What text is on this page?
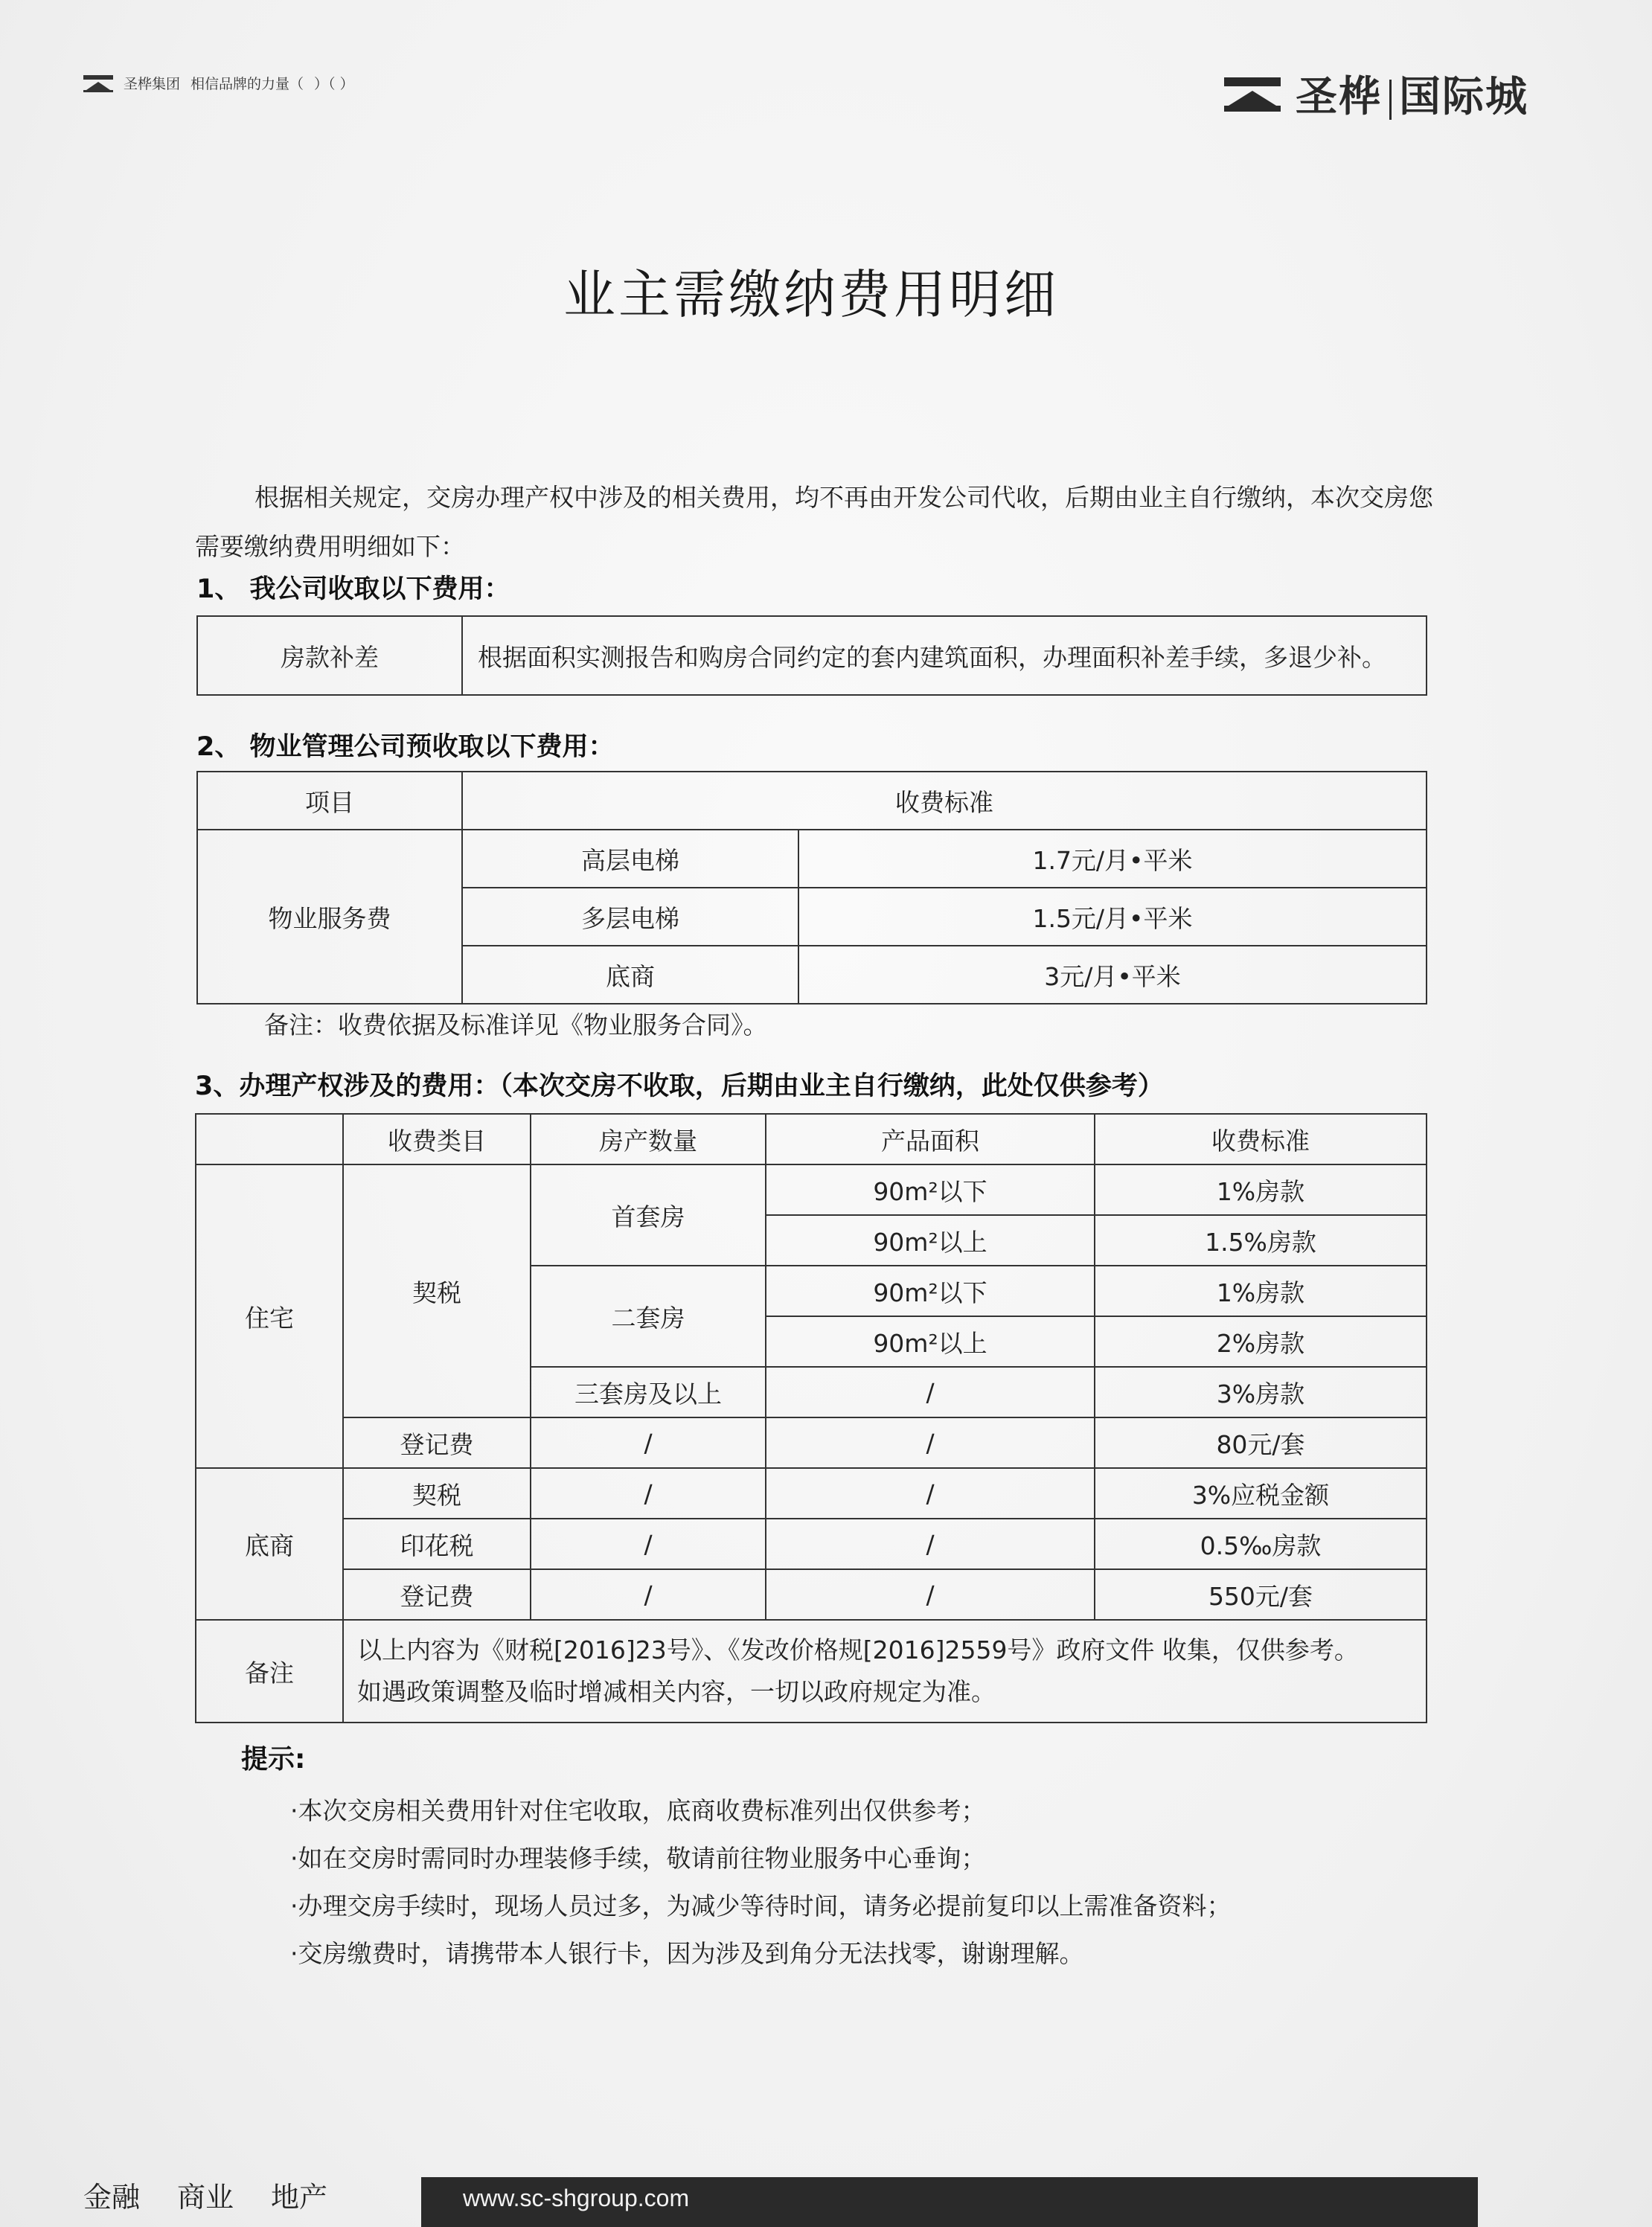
圣桦集团 相信品牌的力量（ ）（ ）	圣桦 国际城
业主需缴纳费用明细
根据相关规定，交房办理产权中涉及的相关费用，均不再由开发公司代收，后期由业主自行缴纳，本次交房您需要缴纳费用明细如下：
1、 我公司收取以下费用：
房款补差	根据面积实测报告和购房合同约定的套内建筑面积，办理面积补差手续，多退少补。
2、 物业管理公司预收取以下费用：
项目	收费标准	
物业服务费	高层电梯	1.7元/月•平米
	多层电梯	1.5元/月•平米
	底商	3元/月•平米
备注：收费依据及标准详见《物业服务合同》。
3、办理产权涉及的费用：（本次交房不收取，后期由业主自行缴纳，此处仅供参考）
	收费类目	房产数量	产品面积	收费标准
住宅	契税	首套房	90m²以下	1%房款
			90m²以上	1.5%房款
		二套房	90m²以下	1%房款
			90m²以上	2%房款
		三套房及以上	/	3%房款
	登记费	/	/	80元/套
底商	契税	/	/	3%应税金额
	印花税	/	/	0.5‰房款
	登记费	/	/	550元/套
备注	以上内容为《财税[2016]23号》、《发改价格规[2016]2559号》政府文件 收集，仅供参考。
如遇政策调整及临时增减相关内容，一切以政府规定为准。			
提示:
·本次交房相关费用针对住宅收取，底商收费标准列出仅供参考；
·如在交房时需同时办理装修手续，敬请前往物业服务中心垂询；
·办理交房手续时，现场人员过多，为减少等待时间，请务必提前复印以上需准备资料；
·交房缴费时，请携带本人银行卡，因为涉及到角分无法找零，谢谢理解。
金融 商业 地产	www.sc-shgroup.com
